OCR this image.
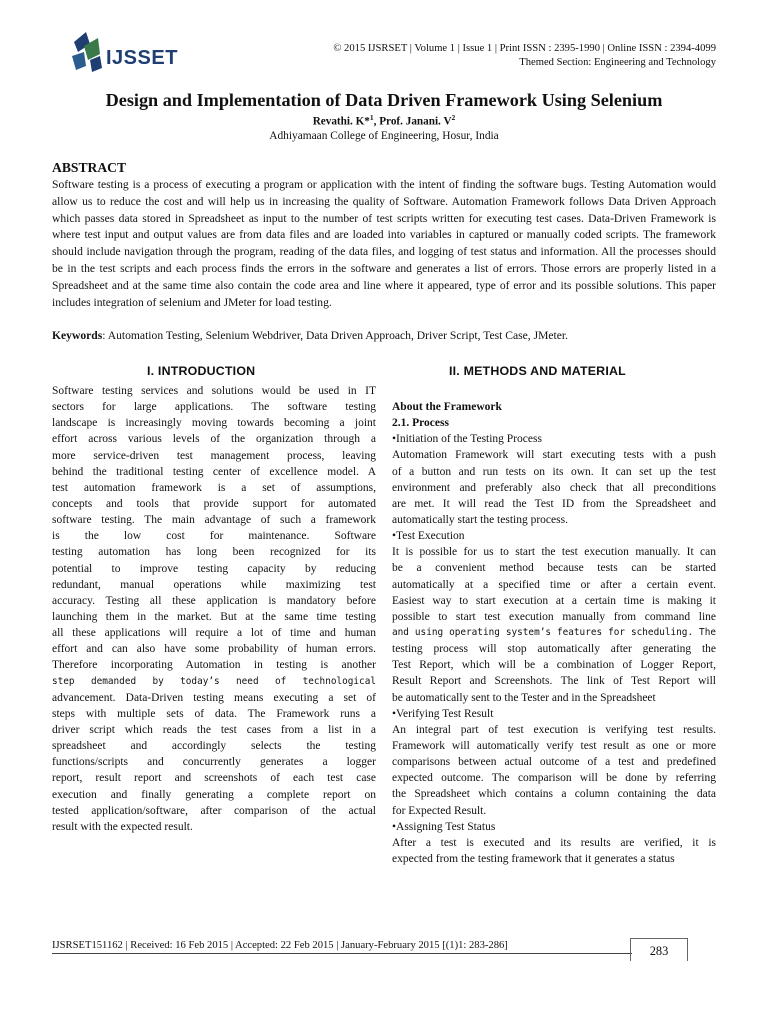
IJSSET	© 2015 IJSRSET | Volume 1 | Issue 1 | Print ISSN : 2395-1990 | Online ISSN : 2394-4099
Themed Section: Engineering and Technology
Design and Implementation of Data Driven Framework Using Selenium
Revathi. K*$^1$, Prof. Janani. $V^2$
Adhiyamaan College of Engineering, Hosur, India
ABSTRACT
Software testing is a process of executing a program or application with the intent of finding the software bugs. Testing Automation would allow us to reduce the cost and will help us in increasing the quality of Software. Automation Framework follows Data Driven Approach which passes data stored in Spreadsheet as input to the number of test scripts written for executing test cases. Data-Driven Framework is where test input and output values are from data files and are loaded into variables in captured or manually coded scripts. The framework should include navigation through the program, reading of the data files, and logging of test status and information. All the processes should be in the test scripts and each process finds the errors in the software and generates a list of errors. Those errors are properly listed in a Spreadsheet and at the same time also contain the code area and line where it appeared, type of error and its possible solutions. This paper includes integration of selenium and JMeter for load testing.
Keywords: Automation Testing, Selenium Webdriver, Data Driven Approach, Driver Script, Test Case, JMeter.
I. INTRODUCTION
Software testing services and solutions would be used in IT
sectors for large applications. The software testing
landscape is increasingly moving towards becoming a joint
effort across various levels of the organization through a
more service-driven test management process, leaving
behind the traditional testing center of excellence model. A
test automation framework is a set of assumptions,
concepts and tools that provide support for automated
software testing. The main advantage of such a framework
is the low cost for maintenance. Software
testing automation has long been recognized for its
potential to improve testing capacity by reducing
redundant, manual operations while maximizing test
accuracy. Testing all these application is mandatory before
launching them in the market. But at the same time testing
all these applications will require a lot of time and human
effort and can also have some probability of human errors.
Therefore incorporating Automation in testing is another
step demanded by today’s need of technological
advancement. Data-Driven testing means executing a set of
steps with multiple sets of data. The Framework runs a
driver script which reads the test cases from a list in a
spreadsheet and accordingly selects the testing
functions/scripts and concurrently generates a logger
report, result report and screenshots of each test case
execution and finally generating a complete report on
tested application/software, after comparison of the actual
result with the expected result.
II. METHODS AND MATERIAL
About the Framework
2.1. Process
•Initiation of the Testing Process
Automation Framework will start executing tests with a push
of a button and run tests on its own. It can set up the test
environment and preferably also check that all preconditions
are met. It will read the Test ID from the Spreadsheet and
automatically start the testing process.
•Test Execution
It is possible for us to start the test execution manually. It can
be a convenient method because tests can be started
automatically at a specified time or after a certain event.
Easiest way to start execution at a certain time is making it
possible to start test execution manually from command line
and using operating system’s features for scheduling. The
testing process will stop automatically after generating the
Test Report, which will be a combination of Logger Report,
Result Report and Screenshots. The link of Test Report will
be automatically sent to the Tester and in the Spreadsheet
•Verifying Test Result
An integral part of test execution is verifying test results.
Framework will automatically verify test result as one or more
comparisons between actual outcome of a test and predefined
expected outcome. The comparison will be done by referring
the Spreadsheet which contains a column containing the data
for Expected Result.
•Assigning Test Status
After a test is executed and its results are verified, it is
expected from the testing framework that it generates a status
IJSRSET151162 | Received: 16 Feb 2015 | Accepted: 22 Feb 2015 | January-February 2015 [(1)1: 283-286]	283
